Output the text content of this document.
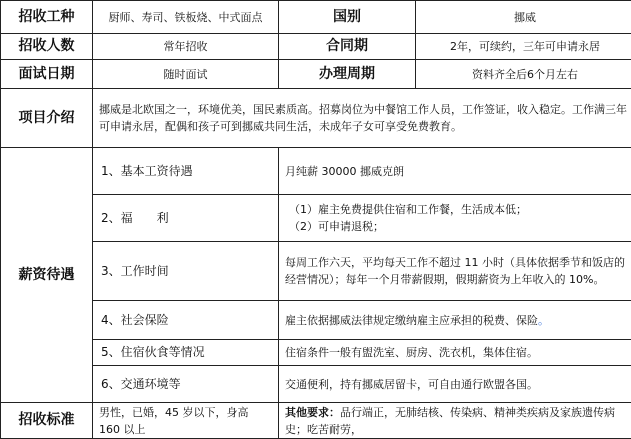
招收工种	厨师、寿司、铁板烧、中式面点	国别	挪威
招收人数	常年招收	合同期	2年，可续约，三年可申请永居
面试日期	随时面试	办理周期	资料齐全后6个月左右
项目介绍	挪威是北欧国之一，环境优美，国民素质高。招募岗位为中餐馆工作人员，工作签证，收入稳定。工作满三年可申请永居，配偶和孩子可到挪威共同生活，未成年子女可享受免费教育。		
薪资待遇	1、基本工资待遇	月纯薪 30000 挪威克朗	
	2、福　　利	（1）雇主免费提供住宿和工作餐，生活成本低；
（2）可申请退税；	

	3、工作时间	每周工作六天，平均每天工作不超过 11 小时（具体依据季节和饭店的经营情况）；每年一个月带薪假期，假期薪资为上年收入的 10%。	
	4、社会保险	雇主依据挪威法律规定缴纳雇主应承担的税费、保险。	
	5、住宿伙食等情况	住宿条件一般有盥洗室、厨房、洗衣机，集体住宿。	
	6、交通环境等	交通便利，持有挪威居留卡，可自由通行欧盟各国。	
招收标准	男性，已婚，45 岁以下，身高 160 以上	其他要求：品行端正，无肺结核、传染病、精神类疾病及家族遗传病史；吃苦耐劳，	
